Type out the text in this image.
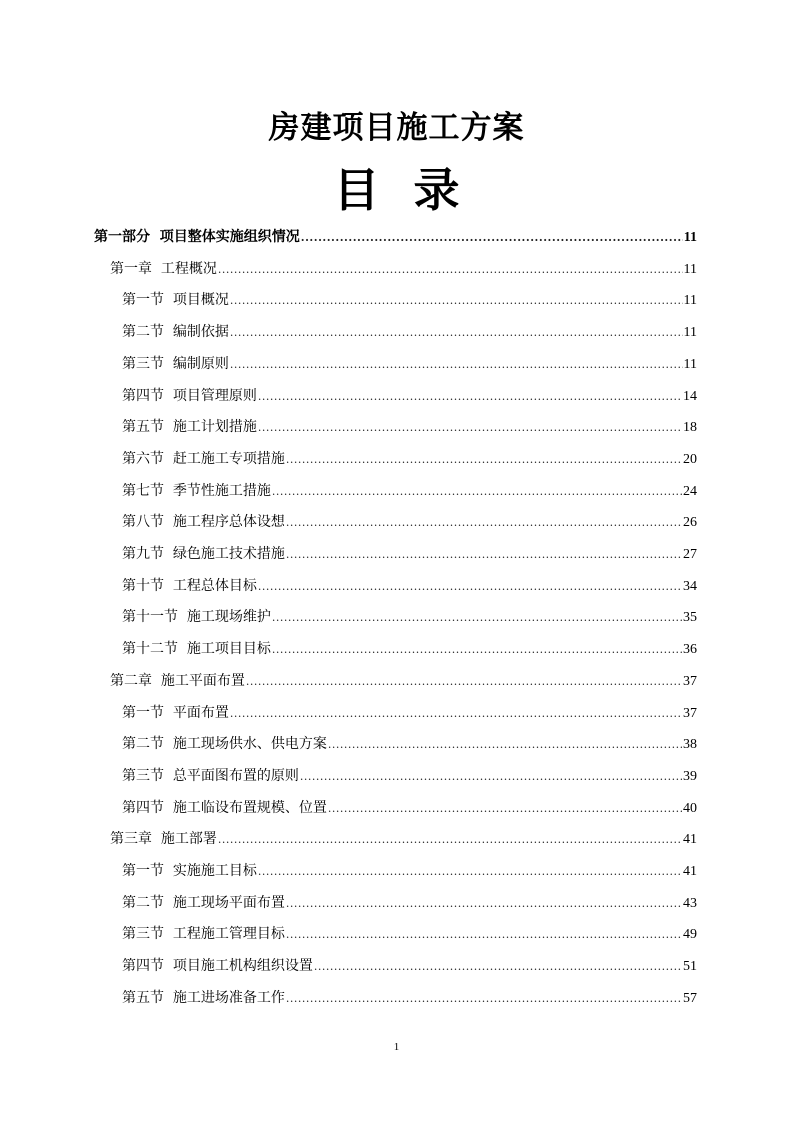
房建项目施工方案
目 录
第一部分  项目整体实施组织情况 .....	11
第一章  工程概况 .....	11
第一节  项目概况 .....	11
第二节  编制依据 .....	11
第三节  编制原则 .....	11
第四节  项目管理原则 .....	14
第五节  施工计划措施 .....	18
第六节  赶工施工专项措施 .....	20
第七节  季节性施工措施 .....	24
第八节  施工程序总体设想 .....	26
第九节  绿色施工技术措施 .....	27
第十节  工程总体目标 .....	34
第十一节  施工现场维护 .....	35
第十二节  施工项目目标 .....	36
第二章  施工平面布置 .....	37
第一节  平面布置 .....	37
第二节  施工现场供水、供电方案 .....	38
第三节  总平面图布置的原则 .....	39
第四节  施工临设布置规模、位置 .....	40
第三章  施工部署 .....	41
第一节  实施施工目标 .....	41
第二节  施工现场平面布置 .....	43
第三节  工程施工管理目标 .....	49
第四节  项目施工机构组织设置 .....	51
第五节  施工进场准备工作 .....	57
1
